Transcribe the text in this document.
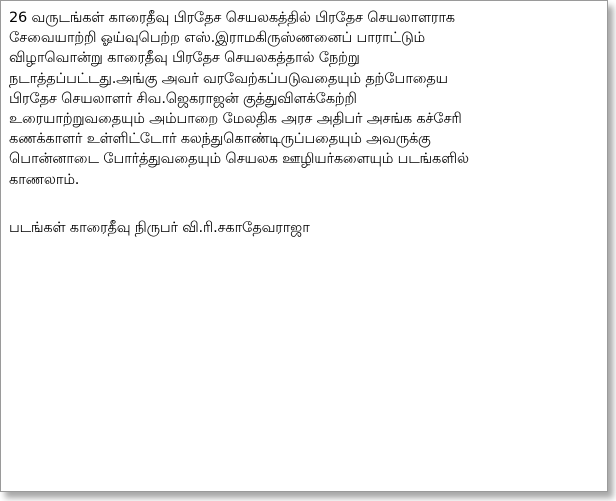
26 வருடங்கள் காரைதீவு பிரதேச செயலகத்தில் பிரதேச செயலாளராக
சேவையாற்றி ஓய்வுபெற்ற எஸ்.இராமகிருஸ்ணனைப் பாராட்டும்
விழாவொன்று காரைதீவு பிரதேச செயலகத்தால் நேற்று
நடாத்தப்பட்டது.அங்கு அவர் வரவேற்கப்படுவதையும் தற்போதைய
பிரதேச செயலாளர் சிவ.ஜெகராஜன் குத்துவிளக்கேற்றி
உரையாற்றுவதையும் அம்பாறை மேலதிக அரச அதிபர் அசங்க கச்சேரி
கணக்காளர் உள்ளிட்டோர் கலந்துகொண்டிருப்பதையும் அவருக்கு
பொன்னாடை போர்த்துவதையும் செயலக ஊழியர்களையும் படங்களில்
காணலாம்.
படங்கள் காரைதீவு நிருபர் வி.ரி.சகாதேவராஜா
